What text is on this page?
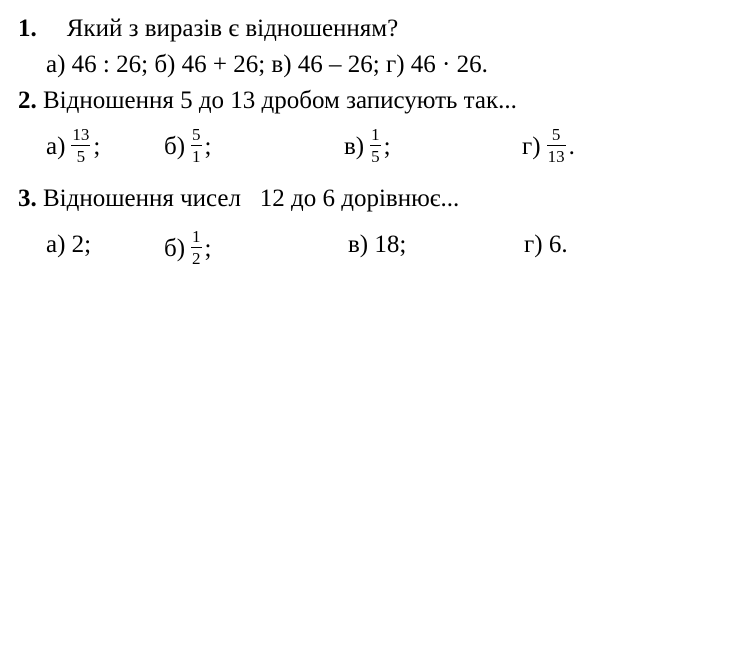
1. Який з виразів є відношенням?
а) 46 : 26; б) 46 + 26; в) 46 – 26; г) 46 · 26.
2. Відношення 5 до 13 дробом записують так...
$а) \frac{13}{5}$ ;	$б) \frac{5}{1}$ ;	$в) \frac{1}{5}$ ;	$г) \frac{5}{13}$ .
3. Відношення чисел   12 до 6 дорівнює...
а) 2;	$б) \frac{1}{2}$ ;	в) 18;	г) 6.
